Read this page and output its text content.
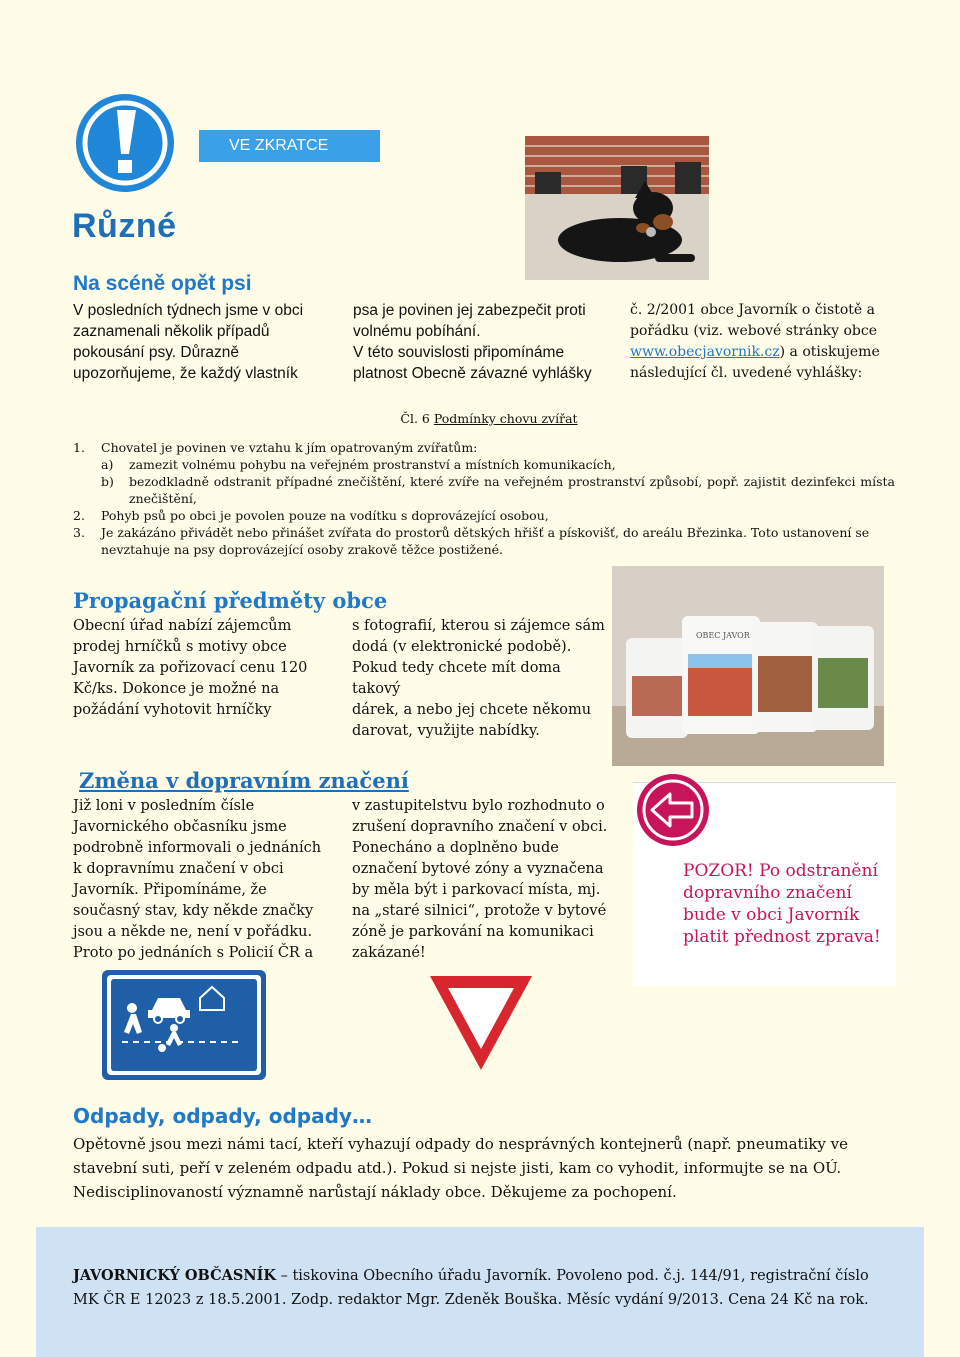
VE ZKRATCE
Různé
Na scéně opět psi
V posledních týdnech jsme v obci
zaznamenali několik případů
pokousání psy. Důrazně
upozorňujeme, že každý vlastník
psa je povinen jej zabezpečit proti
volnému pobíhání.
V této souvislosti připomínáme
platnost Obecně závazné vyhlášky
č. 2/2001 obce Javorník o čistotě a
pořádku (viz. webové stránky obce
www.obecjavornik.cz) a otiskujeme
následující čl. uvedené vyhlášky:
Čl. 6 Podmínky chovu zvířat
1.	Chovatel je povinen ve vztahu k jím opatrovaným zvířatům:
a)	zamezit volnému pohybu na veřejném prostranství a místních komunikacích,
b)	bezodkladně odstranit případné znečištění, které zvíře na veřejném prostranství způsobí, popř. zajistit dezinfekci místa znečištění,
2.	Pohyb psů po obci je povolen pouze na vodítku s doprovázející osobou,
3.	Je zakázáno přivádět nebo přinášet zvířata do prostorů dětských hřišť a pískovišť, do areálu Březinka. Toto ustanovení se nevztahuje na psy doprovázející osoby zrakově těžce postižené.
Propagační předměty obce
Obecní úřad nabízí zájemcům
prodej hrníčků s motivy obce
Javorník za pořizovací cenu 120
Kč/ks. Dokonce je možné na
požádání vyhotovit hrníčky
s fotografií, kterou si zájemce sám
dodá (v elektronické podobě).
Pokud tedy chcete mít doma takový
dárek, a nebo jej chcete někomu
darovat, využijte nabídky.
OBEC JAVOR
Změna v dopravním značení
Již loni v posledním čísle
Javornického občasníku jsme
podrobně informovali o jednáních
k dopravnímu značení v obci
Javorník. Připomínáme, že
současný stav, kdy někde značky
jsou a někde ne, není v pořádku.
Proto po jednáních s Policií ČR a
v zastupitelstvu bylo rozhodnuto o
zrušení dopravního značení v obci.
Ponecháno a doplněno bude
označení bytové zóny a vyznačena
by měla být i parkovací místa, mj.
na „staré silnici“, protože v bytové
zóně je parkování na komunikaci
zakázané!
POZOR! Po odstranění
dopravního značení
bude v obci Javorník
platit přednost zprava!
Odpady, odpady, odpady…
Opětovně jsou mezi námi tací, kteří vyhazují odpady do nesprávných kontejnerů (např. pneumatiky ve
stavební suti, peří v zeleném odpadu atd.). Pokud si nejste jisti, kam co vyhodit, informujte se na OÚ.
Nedisciplinovaností významně narůstají náklady obce. Děkujeme za pochopení.
JAVORNICKÝ OBČASNÍK – tiskovina Obecního úřadu Javorník. Povoleno pod. č.j. 144/91, registrační číslo
MK ČR E 12023 z 18.5.2001. Zodp. redaktor Mgr. Zdeněk Bouška. Měsíc vydání 9/2013. Cena 24 Kč na rok.
